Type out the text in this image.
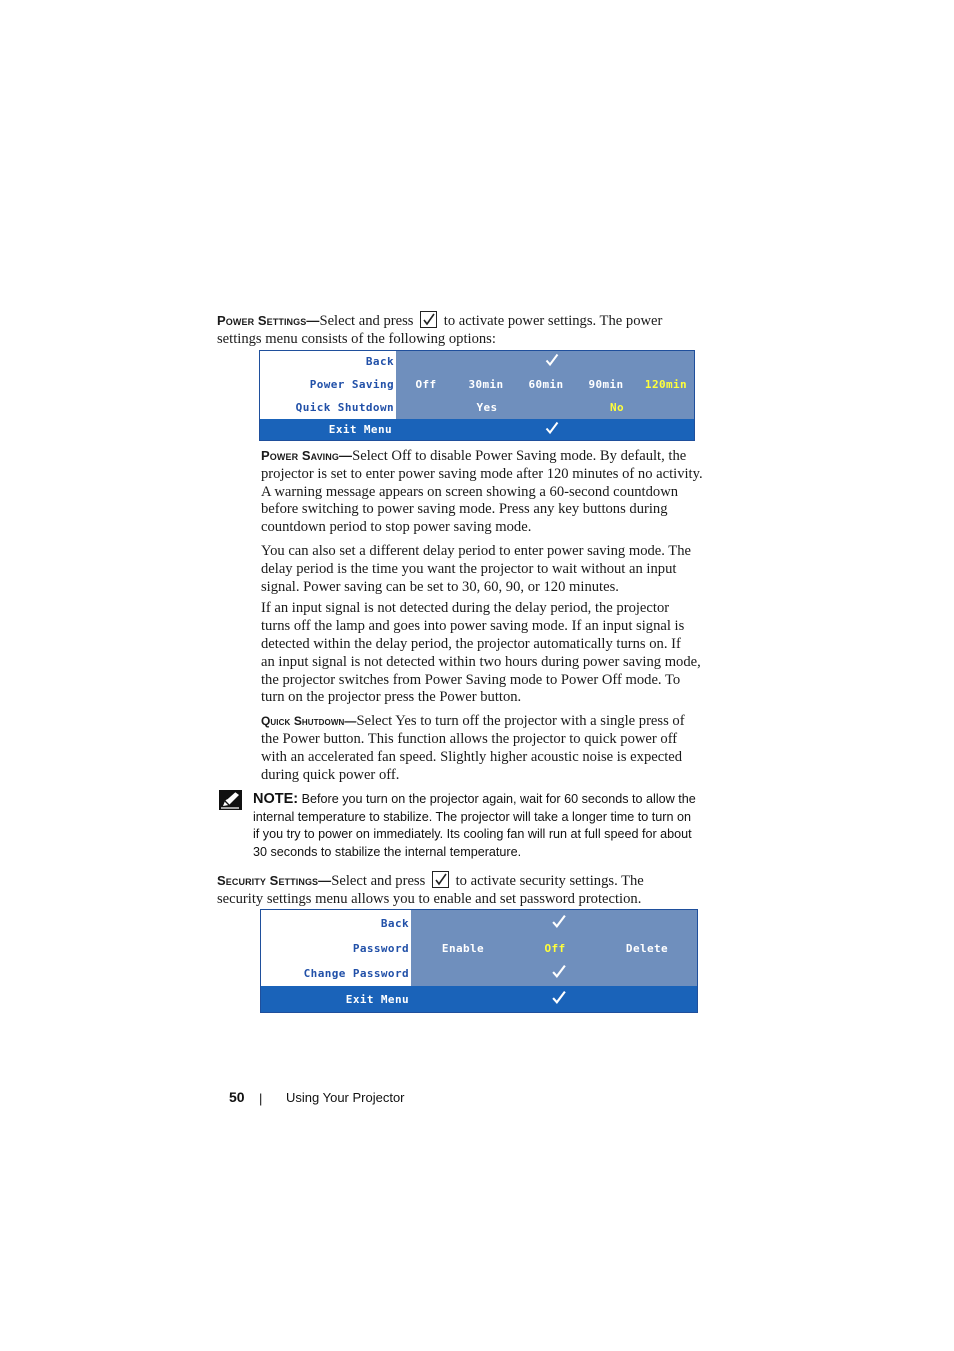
Power Settings—Select and press to activate power settings. The power
settings menu consists of the following options:
Back
Power Saving Off	30min 60min 90min 120min
Quick Shutdown	Yes	No
Exit Menu
Power Saving—Select Off to disable Power Saving mode. By default, the
projector is set to enter power saving mode after 120 minutes of no activity.
A warning message appears on screen showing a 60-second countdown
before switching to power saving mode. Press any key buttons during
countdown period to stop power saving mode.
You can also set a different delay period to enter power saving mode. The
delay period is the time you want the projector to wait without an input
signal. Power saving can be set to 30, 60, 90, or 120 minutes.
If an input signal is not detected during the delay period, the projector
turns off the lamp and goes into power saving mode. If an input signal is
detected within the delay period, the projector automatically turns on. If
an input signal is not detected within two hours during power saving mode,
the projector switches from Power Saving mode to Power Off mode. To
turn on the projector press the Power button.
Quick Shutdown—Select Yes to turn off the projector with a single press of
the Power button. This function allows the projector to quick power off
with an accelerated fan speed. Slightly higher acoustic noise is expected
during quick power off.
NOTE: Before you turn on the projector again, wait for 60 seconds to allow the
internal temperature to stabilize. The projector will take a longer time to turn on
if you try to power on immediately. Its cooling fan will run at full speed for about
30 seconds to stabilize the internal temperature.
Security Settings—Select and press to activate security settings. The
security settings menu allows you to enable and set password protection.
Back
Password	Enable	Off	Delete
Change Password
Exit Menu
50 | Using Your Projector
